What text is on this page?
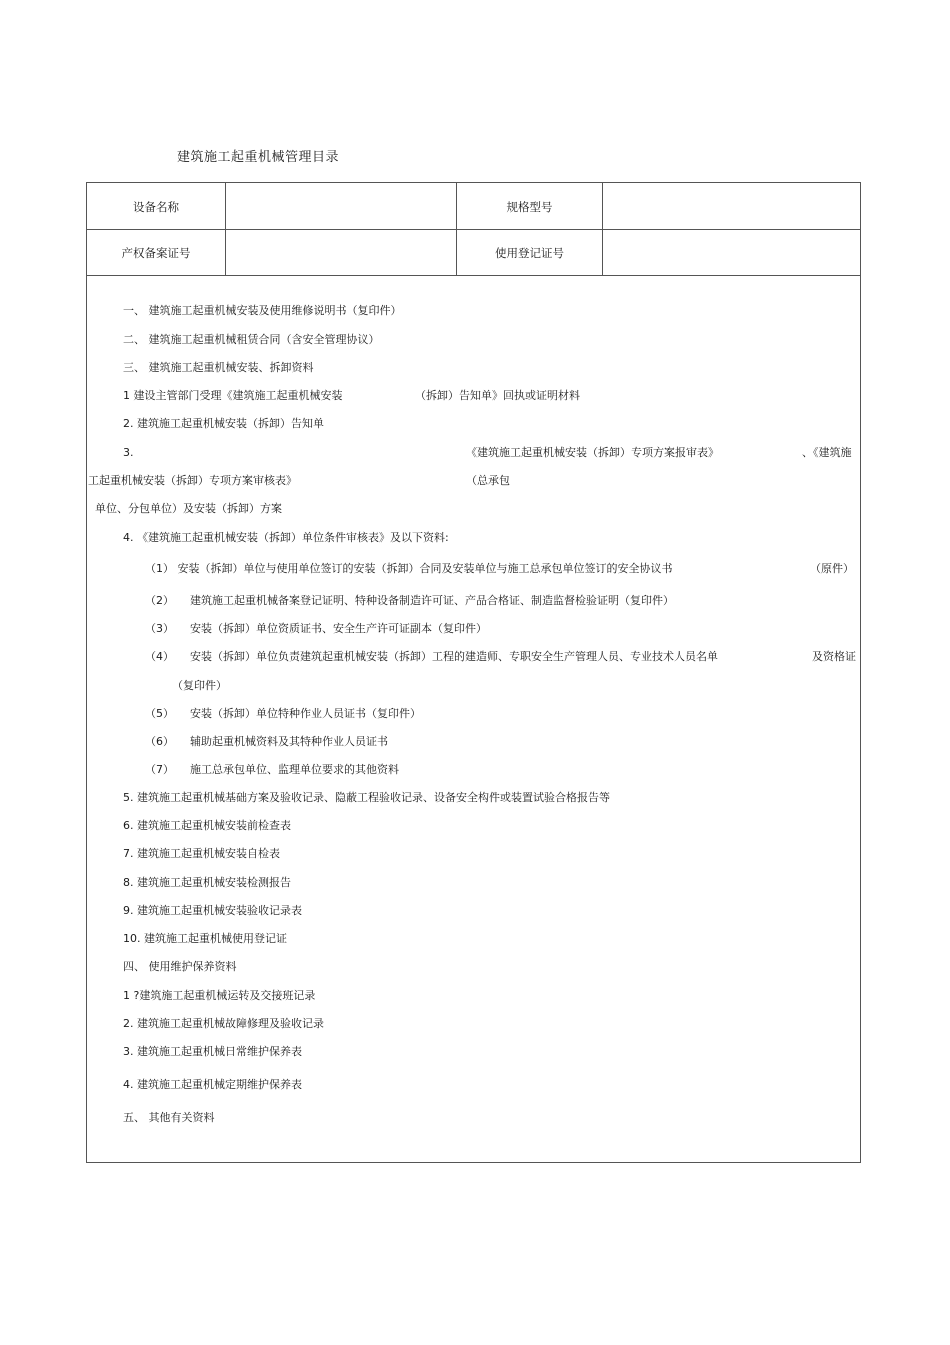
建筑施工起重机械管理目录
设备名称	规格型号
产权备案证号	使用登记证号
一、 建筑施工起重机械安装及使用维修说明书（复印件）
二、 建筑施工起重机械租赁合同（含安全管理协议）
三、 建筑施工起重机械安装、拆卸资料
1 建设主管部门受理《建筑施工起重机械安装	（拆卸）告知单》回执或证明材料
2. 建筑施工起重机械安装（拆卸）告知单
3.	《建筑施工起重机械安装（拆卸）专项方案报审表》	、《建筑施
工起重机械安装（拆卸）专项方案审核表》	（总承包
单位、分包单位）及安装（拆卸）方案
4. 《建筑施工起重机械安装（拆卸）单位条件审核表》及以下资料:
（1） 安装（拆卸）单位与使用单位签订的安装（拆卸）合同及安装单位与施工总承包单位签订的安全协议书	（原件）
（2） 建筑施工起重机械备案登记证明、特种设备制造许可证、产品合格证、制造监督检验证明（复印件）
（3） 安装（拆卸）单位资质证书、安全生产许可证副本（复印件）
（4） 安装（拆卸）单位负责建筑起重机械安装（拆卸）工程的建造师、专职安全生产管理人员、专业技术人员名单	及资格证
（复印件）
（5） 安装（拆卸）单位特种作业人员证书（复印件）
（6） 辅助起重机械资料及其特种作业人员证书
（7） 施工总承包单位、监理单位要求的其他资料
5. 建筑施工起重机械基础方案及验收记录、隐蔽工程验收记录、设备安全构件或装置试验合格报告等
6. 建筑施工起重机械安装前检查表
7. 建筑施工起重机械安装自检表
8. 建筑施工起重机械安装检测报告
9. 建筑施工起重机械安装验收记录表
10. 建筑施工起重机械使用登记证
四、 使用维护保养资料
1 ?建筑施工起重机械运转及交接班记录
2. 建筑施工起重机械故障修理及验收记录
3. 建筑施工起重机械日常维护保养表
4. 建筑施工起重机械定期维护保养表
五、 其他有关资料
